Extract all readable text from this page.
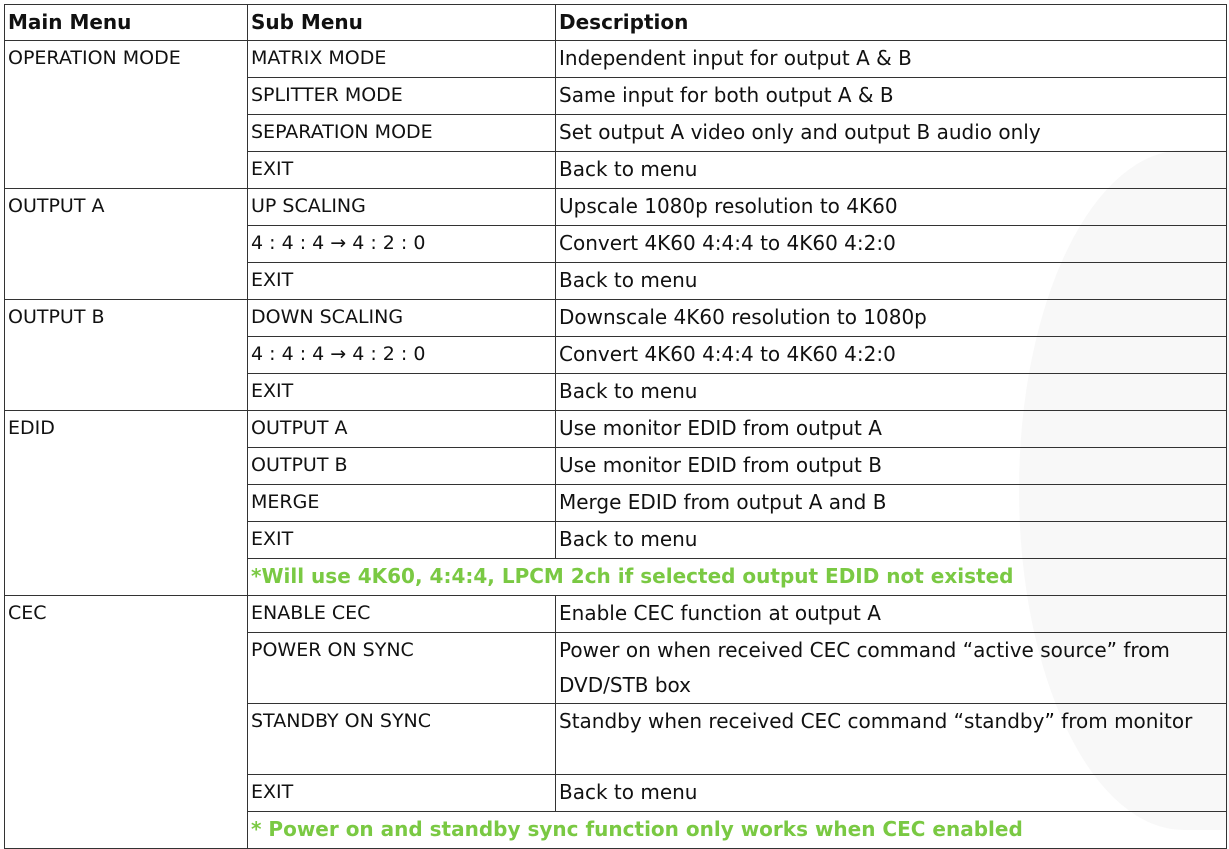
Main Menu	Sub Menu	Description
OPERATION MODE	MATRIX MODE	Independent input for output A & B
	SPLITTER MODE	Same input for both output A & B
	SEPARATION MODE	Set output A video only and output B audio only
	EXIT	Back to menu
OUTPUT A	UP SCALING	Upscale 1080p resolution to 4K60
	4 : 4 : 4 → 4 : 2 : 0	Convert 4K60 4:4:4 to 4K60 4:2:0
	EXIT	Back to menu
OUTPUT B	DOWN SCALING	Downscale 4K60 resolution to 1080p
	4 : 4 : 4 → 4 : 2 : 0	Convert 4K60 4:4:4 to 4K60 4:2:0
	EXIT	Back to menu
EDID	OUTPUT A	Use monitor EDID from output A
	OUTPUT B	Use monitor EDID from output B
	MERGE	Merge EDID from output A and B
	EXIT	Back to menu
	*Will use 4K60, 4:4:4, LPCM 2ch if selected output EDID not existed	
CEC	ENABLE CEC	Enable CEC function at output A
	POWER ON SYNC	Power on when received CEC command “active source” from DVD/STB box
	STANDBY ON SYNC	Standby when received CEC command “standby” from monitor
	EXIT	Back to menu
	* Power on and standby sync function only works when CEC enabled	
